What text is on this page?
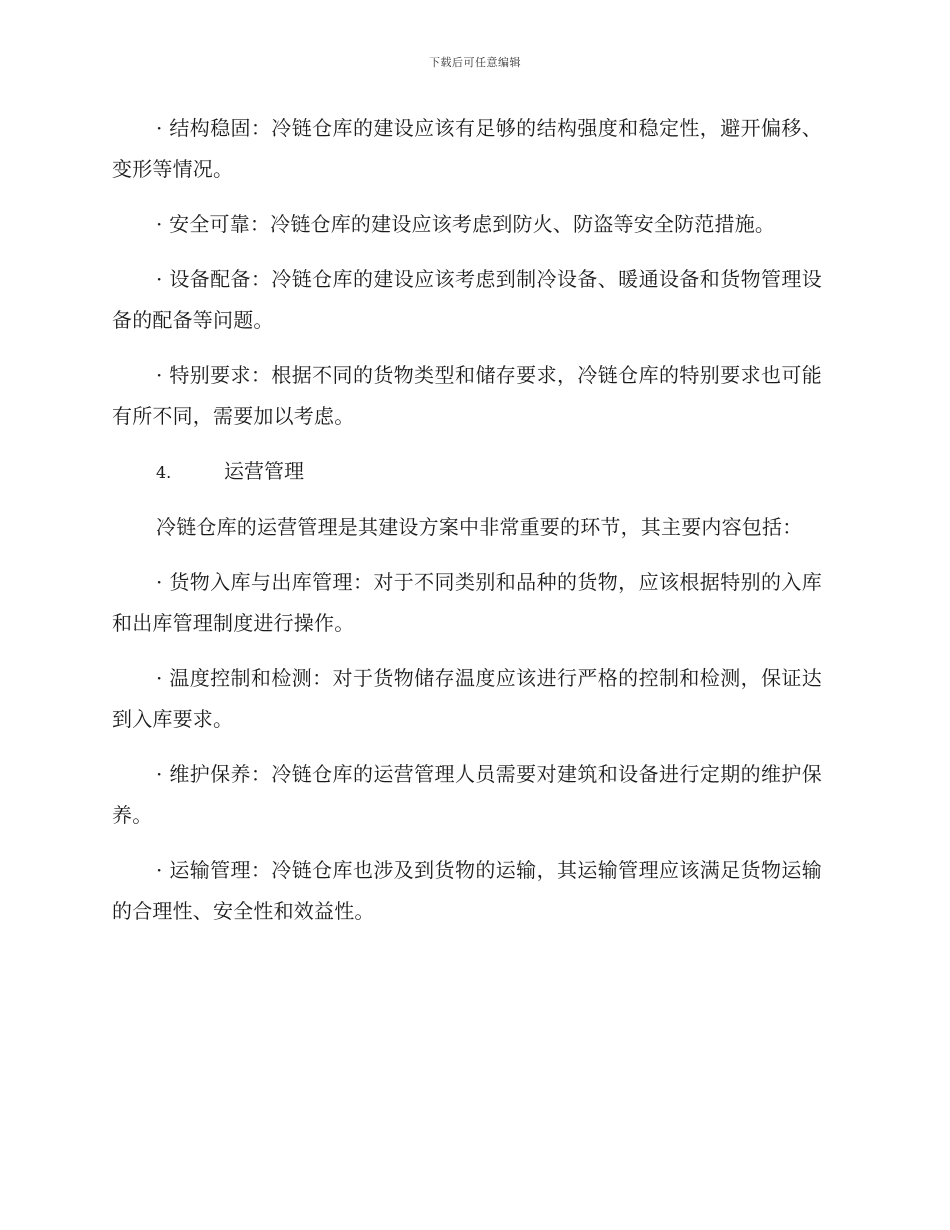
下载后可任意编辑

· 结构稳固：冷链仓库的建设应该有足够的结构强度和稳定性，避开偏移、变形等情况。

· 安全可靠：冷链仓库的建设应该考虑到防火、防盗等安全防范措施。

· 设备配备：冷链仓库的建设应该考虑到制冷设备、暖通设备和货物管理设备的配备等问题。

· 特别要求：根据不同的货物类型和储存要求，冷链仓库的特别要求也可能有所不同，需要加以考虑。

4.	运营管理

冷链仓库的运营管理是其建设方案中非常重要的环节，其主要内容包括：

· 货物入库与出库管理：对于不同类别和品种的货物，应该根据特别的入库和出库管理制度进行操作。

· 温度控制和检测：对于货物储存温度应该进行严格的控制和检测，保证达到入库要求。

· 维护保养：冷链仓库的运营管理人员需要对建筑和设备进行定期的维护保养。

· 运输管理：冷链仓库也涉及到货物的运输，其运输管理应该满足货物运输的合理性、安全性和效益性。
